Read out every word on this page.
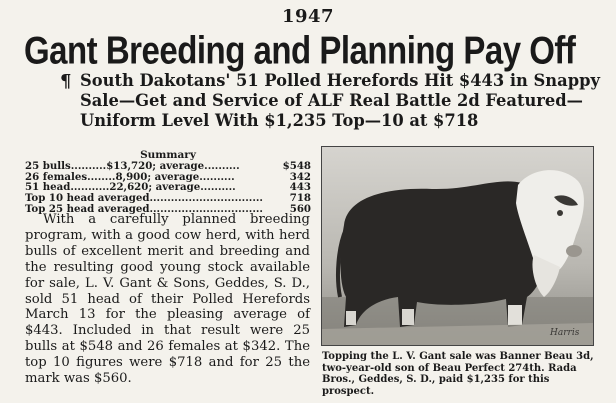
1947
Gant Breeding and Planning Pay Off
¶ South Dakotans' 51 Polled Herefords Hit $443 in Snappy Sale—Get and Service of ALF Real Battle 2d Featured—Uniform Level With $1,235 Top—10 at $718
Summary
25 bulls .......... $13,720; average ..........	$548
26 females ........ 8,900; average ..........	342
51 head ........... 22,620; average ..........	443
Top 10 head averaged ................................	718
Top 25 head averaged ................................	560

With a carefully planned breeding program, with a good cow herd, with herd bulls of excellent merit and breeding and the resulting good young stock available for sale, L. V. Gant & Sons, Geddes, S. D., sold 51 head of their Polled Herefords March 13 for the pleasing average of $443. Included in that result were 25 bulls at $548 and 26 females at $342. The top 10 figures were $718 and for 25 the mark was $560.

Harris
Topping the L. V. Gant sale was Banner Beau 3d, two-year-old son of Beau Perfect 274th. Rada Bros., Geddes, S. D., paid $1,235 for this prospect.
